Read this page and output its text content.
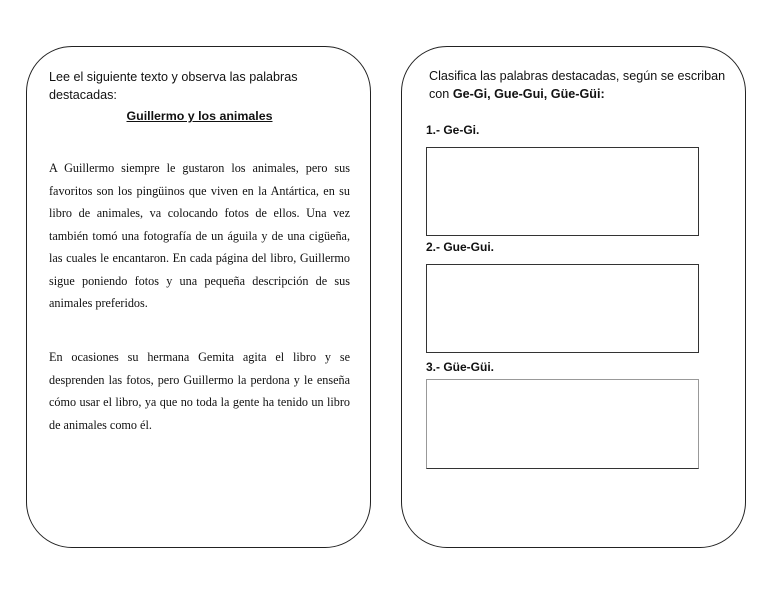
Lee el siguiente texto y observa las palabras destacadas:
Guillermo y los animales

A Guillermo siempre le gustaron los animales, pero sus favoritos son los pingüinos que viven en la Antártica, en su libro de animales, va colocando fotos de ellos. Una vez también tomó una fotografía de un águila y de una cigüeña, las cuales le encantaron. En cada página del libro, Guillermo sigue poniendo fotos y una pequeña descripción de sus animales preferidos.

En ocasiones su hermana Gemita agita el libro y se desprenden las fotos, pero Guillermo la perdona y le enseña cómo usar el libro, ya que no toda la gente ha tenido un libro de animales como él.

Clasifica las palabras destacadas, según se escriban con Ge-Gi, Gue-Gui, Güe-Güi:
1.- Ge-Gi.
2.- Gue-Gui.
3.- Güe-Güi.
